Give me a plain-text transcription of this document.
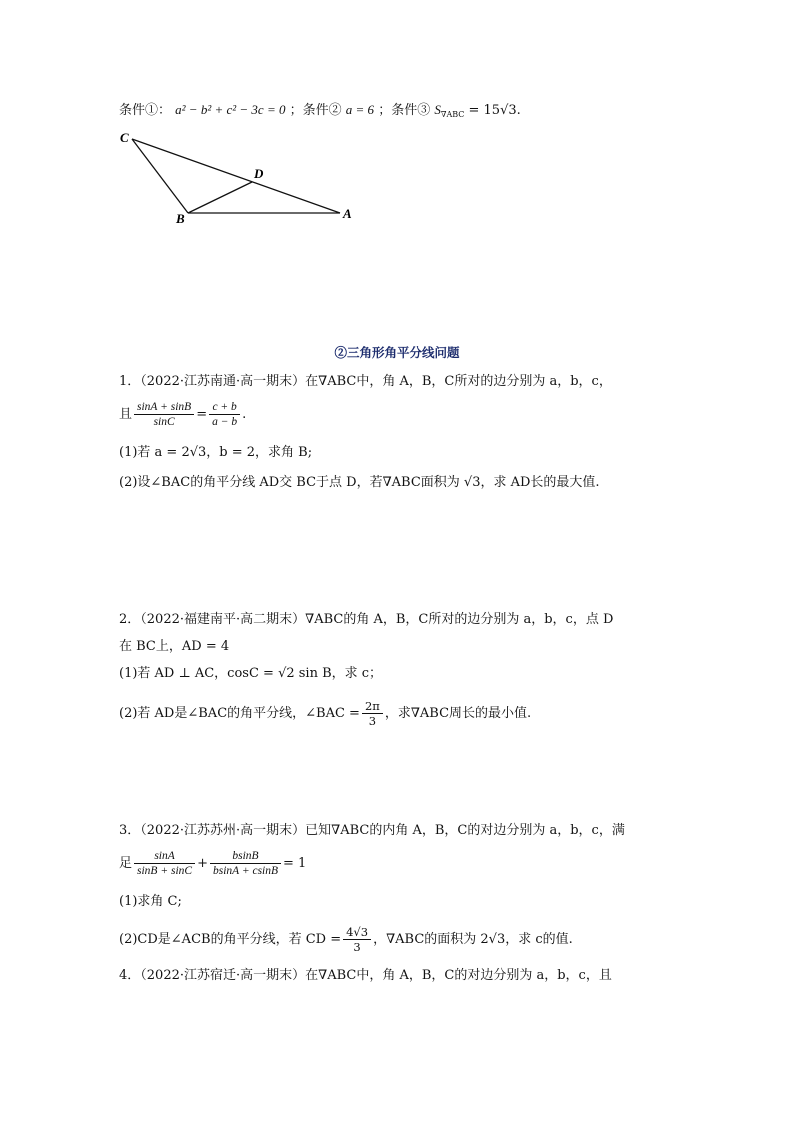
条件①： a² − b² + c² − 3c = 0 ；条件② a = 6 ；条件③ $S_{\nabla ABC} = 15√3$.
C
D
B	A
②三角形角平分线问题
1．（2022·江苏南通·高一期末）在∇ABC中，角 A，B，C所对的边分别为 a，b，c，
且 $\frac{\sin A + \sin B}{\sin C} = \frac{c + b}{a - b}$ .
(1)若 a = 2√3，b = 2，求角 B;
(2)设∠BAC的角平分线 AD交 BC于点 D，若∇ABC面积为 √3，求 AD长的最大值.
2．（2022·福建南平·高二期末）∇ABC的角 A，B，C所对的边分别为 a，b，c，点 D
在 BC上，AD = 4
(1)若 AD ⊥ AC，cosC = √2 sin B，求 c；
(2)若 AD是∠BAC的角平分线，∠BAC = $\frac{2\pi}{3}$ ，求∇ABC周长的最小值.
3．（2022·江苏苏州·高一期末）已知∇ABC的内角 A，B，C的对边分别为 a，b，c，满
足 $\frac{\sin A}{\sin B + \sin C} + \frac{bsinB}{bsinA + csinB} = 1$
(1)求角 C;
(2)CD是∠ACB的角平分线，若 CD = $\frac{4√3}{3}$ ，∇ABC的面积为 2√3，求 c的值.
4．（2022·江苏宿迁·高一期末）在∇ABC中，角 A，B，C的对边分别为 a，b，c，且
